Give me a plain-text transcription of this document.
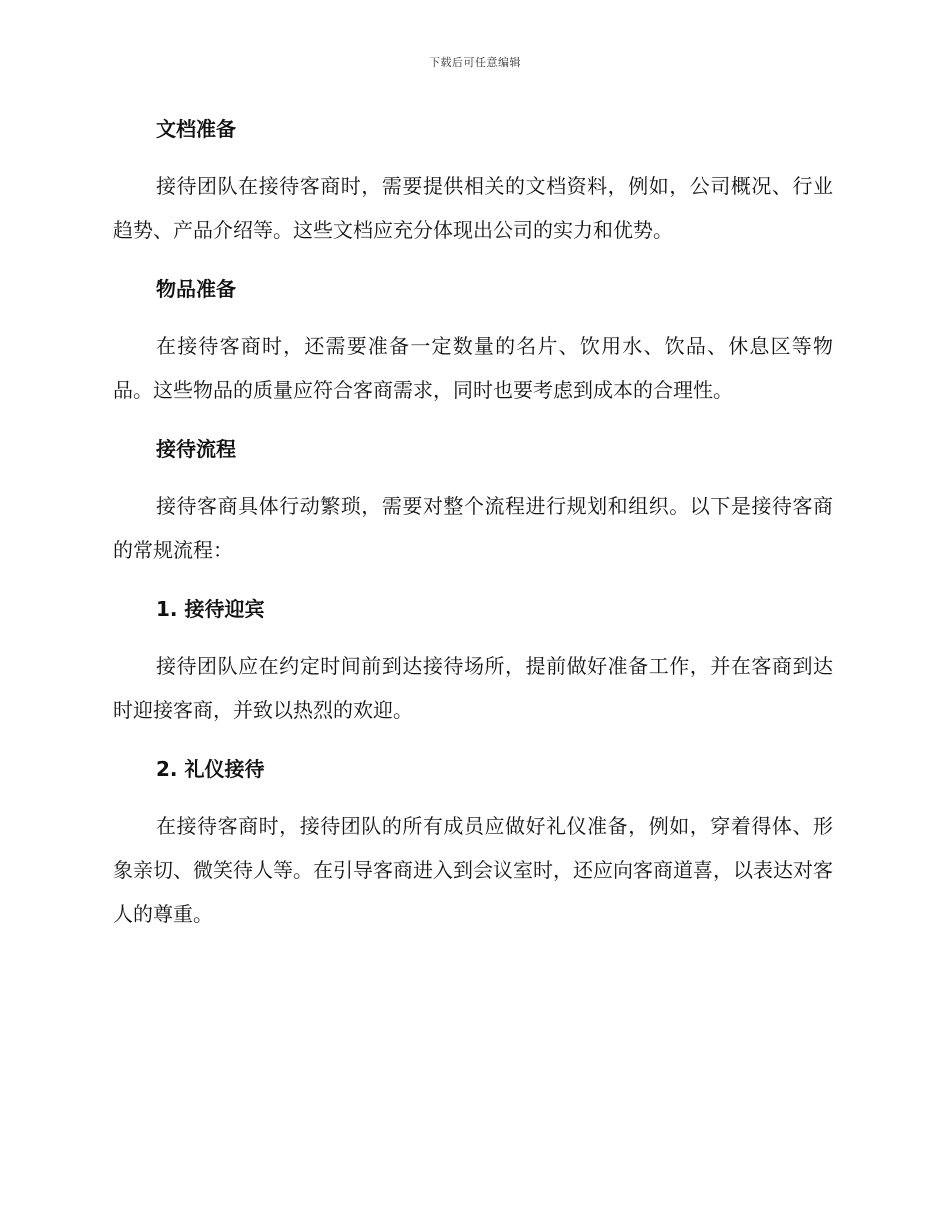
下载后可任意编辑
文档准备

接待团队在接待客商时，需要提供相关的文档资料，例如，公司概况、行业趋势、产品介绍等。这些文档应充分体现出公司的实力和优势。

物品准备

在接待客商时，还需要准备一定数量的名片、饮用水、饮品、休息区等物品。这些物品的质量应符合客商需求，同时也要考虑到成本的合理性。

接待流程

接待客商具体行动繁琐，需要对整个流程进行规划和组织。以下是接待客商的常规流程：

1. 接待迎宾

接待团队应在约定时间前到达接待场所，提前做好准备工作，并在客商到达时迎接客商，并致以热烈的欢迎。

2. 礼仪接待

在接待客商时，接待团队的所有成员应做好礼仪准备，例如，穿着得体、形象亲切、微笑待人等。在引导客商进入到会议室时，还应向客商道喜，以表达对客人的尊重。
